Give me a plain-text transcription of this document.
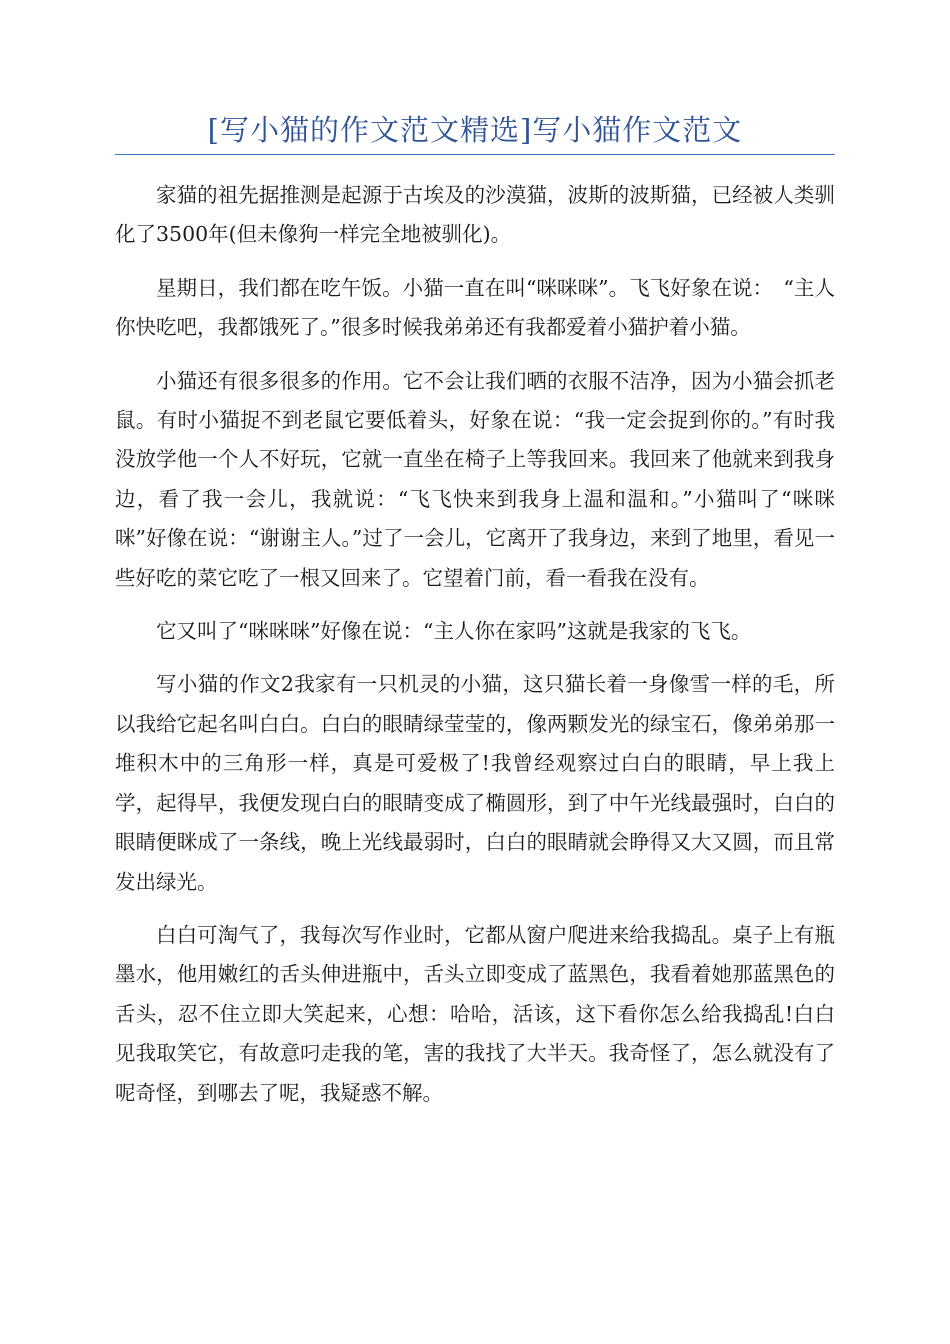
[写小猫的作文范文精选]写小猫作文范文

家猫的祖先据推测是起源于古埃及的沙漠猫，波斯的波斯猫，已经被人类驯化了3500年(但未像狗一样完全地被驯化)。

星期日，我们都在吃午饭。小猫一直在叫“咪咪咪”。飞飞好象在说：　“主人你快吃吧，我都饿死了。”很多时候我弟弟还有我都爱着小猫护着小猫。

小猫还有很多很多的作用。它不会让我们晒的衣服不洁净，因为小猫会抓老鼠。有时小猫捉不到老鼠它要低着头，好象在说：“我一定会捉到你的。”有时我没放学他一个人不好玩，它就一直坐在椅子上等我回来。我回来了他就来到我身边，看了我一会儿，我就说：“飞飞快来到我身上温和温和。”小猫叫了“咪咪咪”好像在说：“谢谢主人。”过了一会儿，它离开了我身边，来到了地里，看见一些好吃的菜它吃了一根又回来了。它望着门前，看一看我在没有。

它又叫了“咪咪咪”好像在说：“主人你在家吗”这就是我家的飞飞。

写小猫的作文2我家有一只机灵的小猫，这只猫长着一身像雪一样的毛，所以我给它起名叫白白。白白的眼睛绿莹莹的，像两颗发光的绿宝石，像弟弟那一堆积木中的三角形一样，真是可爱极了!我曾经观察过白白的眼睛，早上我上学，起得早，我便发现白白的眼睛变成了椭圆形，到了中午光线最强时，白白的眼睛便眯成了一条线，晚上光线最弱时，白白的眼睛就会睁得又大又圆，而且常发出绿光。

白白可淘气了，我每次写作业时，它都从窗户爬进来给我捣乱。桌子上有瓶墨水，他用嫩红的舌头伸进瓶中，舌头立即变成了蓝黑色，我看着她那蓝黑色的舌头，忍不住立即大笑起来，心想：哈哈，活该，这下看你怎么给我捣乱!白白见我取笑它，有故意叼走我的笔，害的我找了大半天。我奇怪了，怎么就没有了呢奇怪，到哪去了呢，我疑惑不解。
